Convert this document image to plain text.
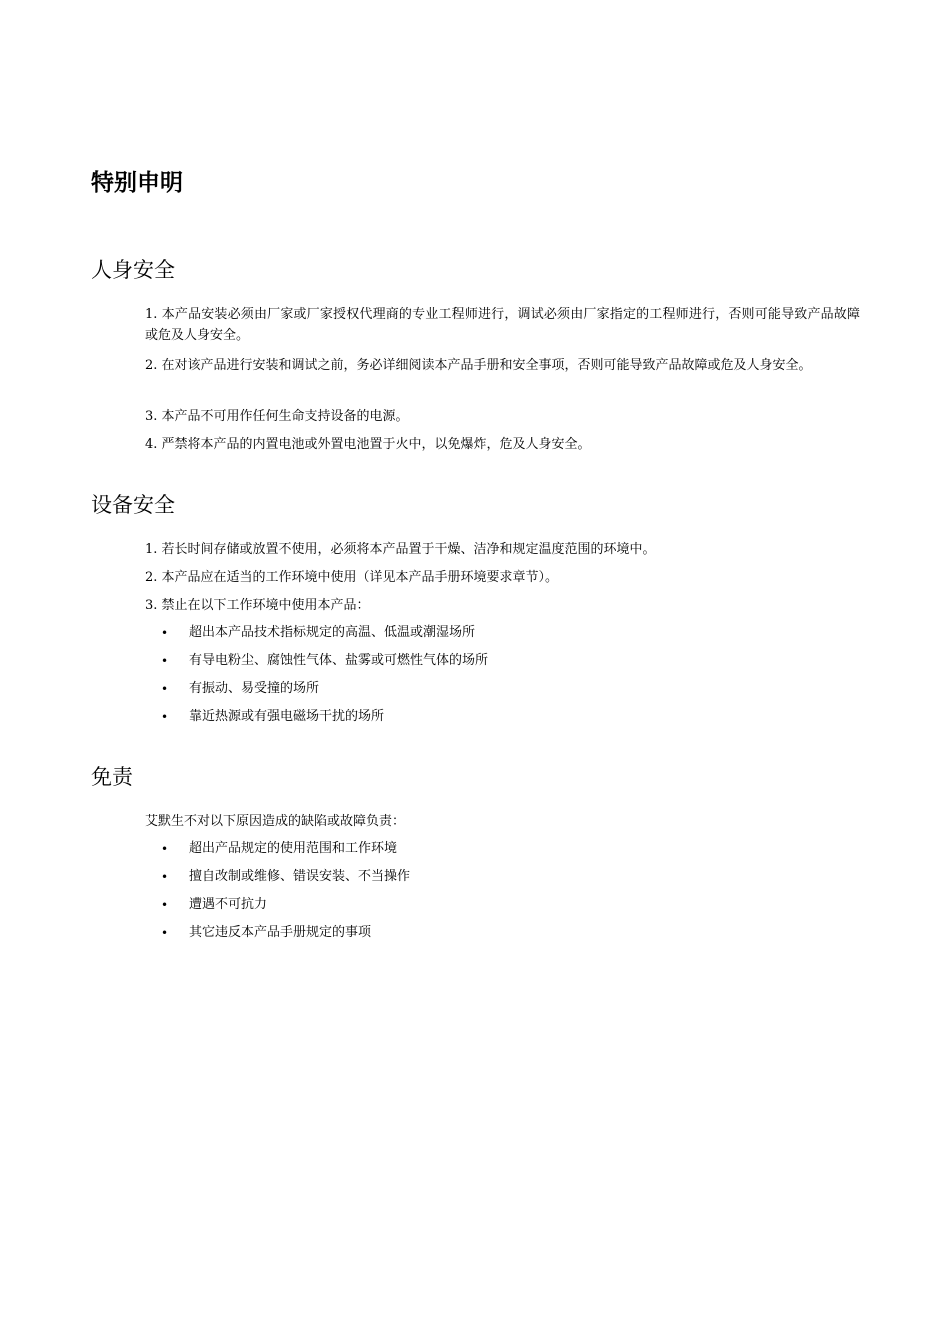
特别申明
人身安全

1. 本产品安装必须由厂家或厂家授权代理商的专业工程师进行，调试必须由厂家指定的工程师进行，否则可能导致产品故障或危及人身安全。

2. 在对该产品进行安装和调试之前，务必详细阅读本产品手册和安全事项，否则可能导致产品故障或危及人身安全。

3. 本产品不可用作任何生命支持设备的电源。

4. 严禁将本产品的内置电池或外置电池置于火中，以免爆炸，危及人身安全。

设备安全

1. 若长时间存储或放置不使用，必须将本产品置于干燥、洁净和规定温度范围的环境中。

2. 本产品应在适当的工作环境中使用（详见本产品手册环境要求章节）。

3. 禁止在以下工作环境中使用本产品：

• 超出本产品技术指标规定的高温、低温或潮湿场所
• 有导电粉尘、腐蚀性气体、盐雾或可燃性气体的场所
• 有振动、易受撞的场所
• 靠近热源或有强电磁场干扰的场所
免责

艾默生不对以下原因造成的缺陷或故障负责：

• 超出产品规定的使用范围和工作环境
• 擅自改制或维修、错误安装、不当操作
• 遭遇不可抗力
• 其它违反本产品手册规定的事项
